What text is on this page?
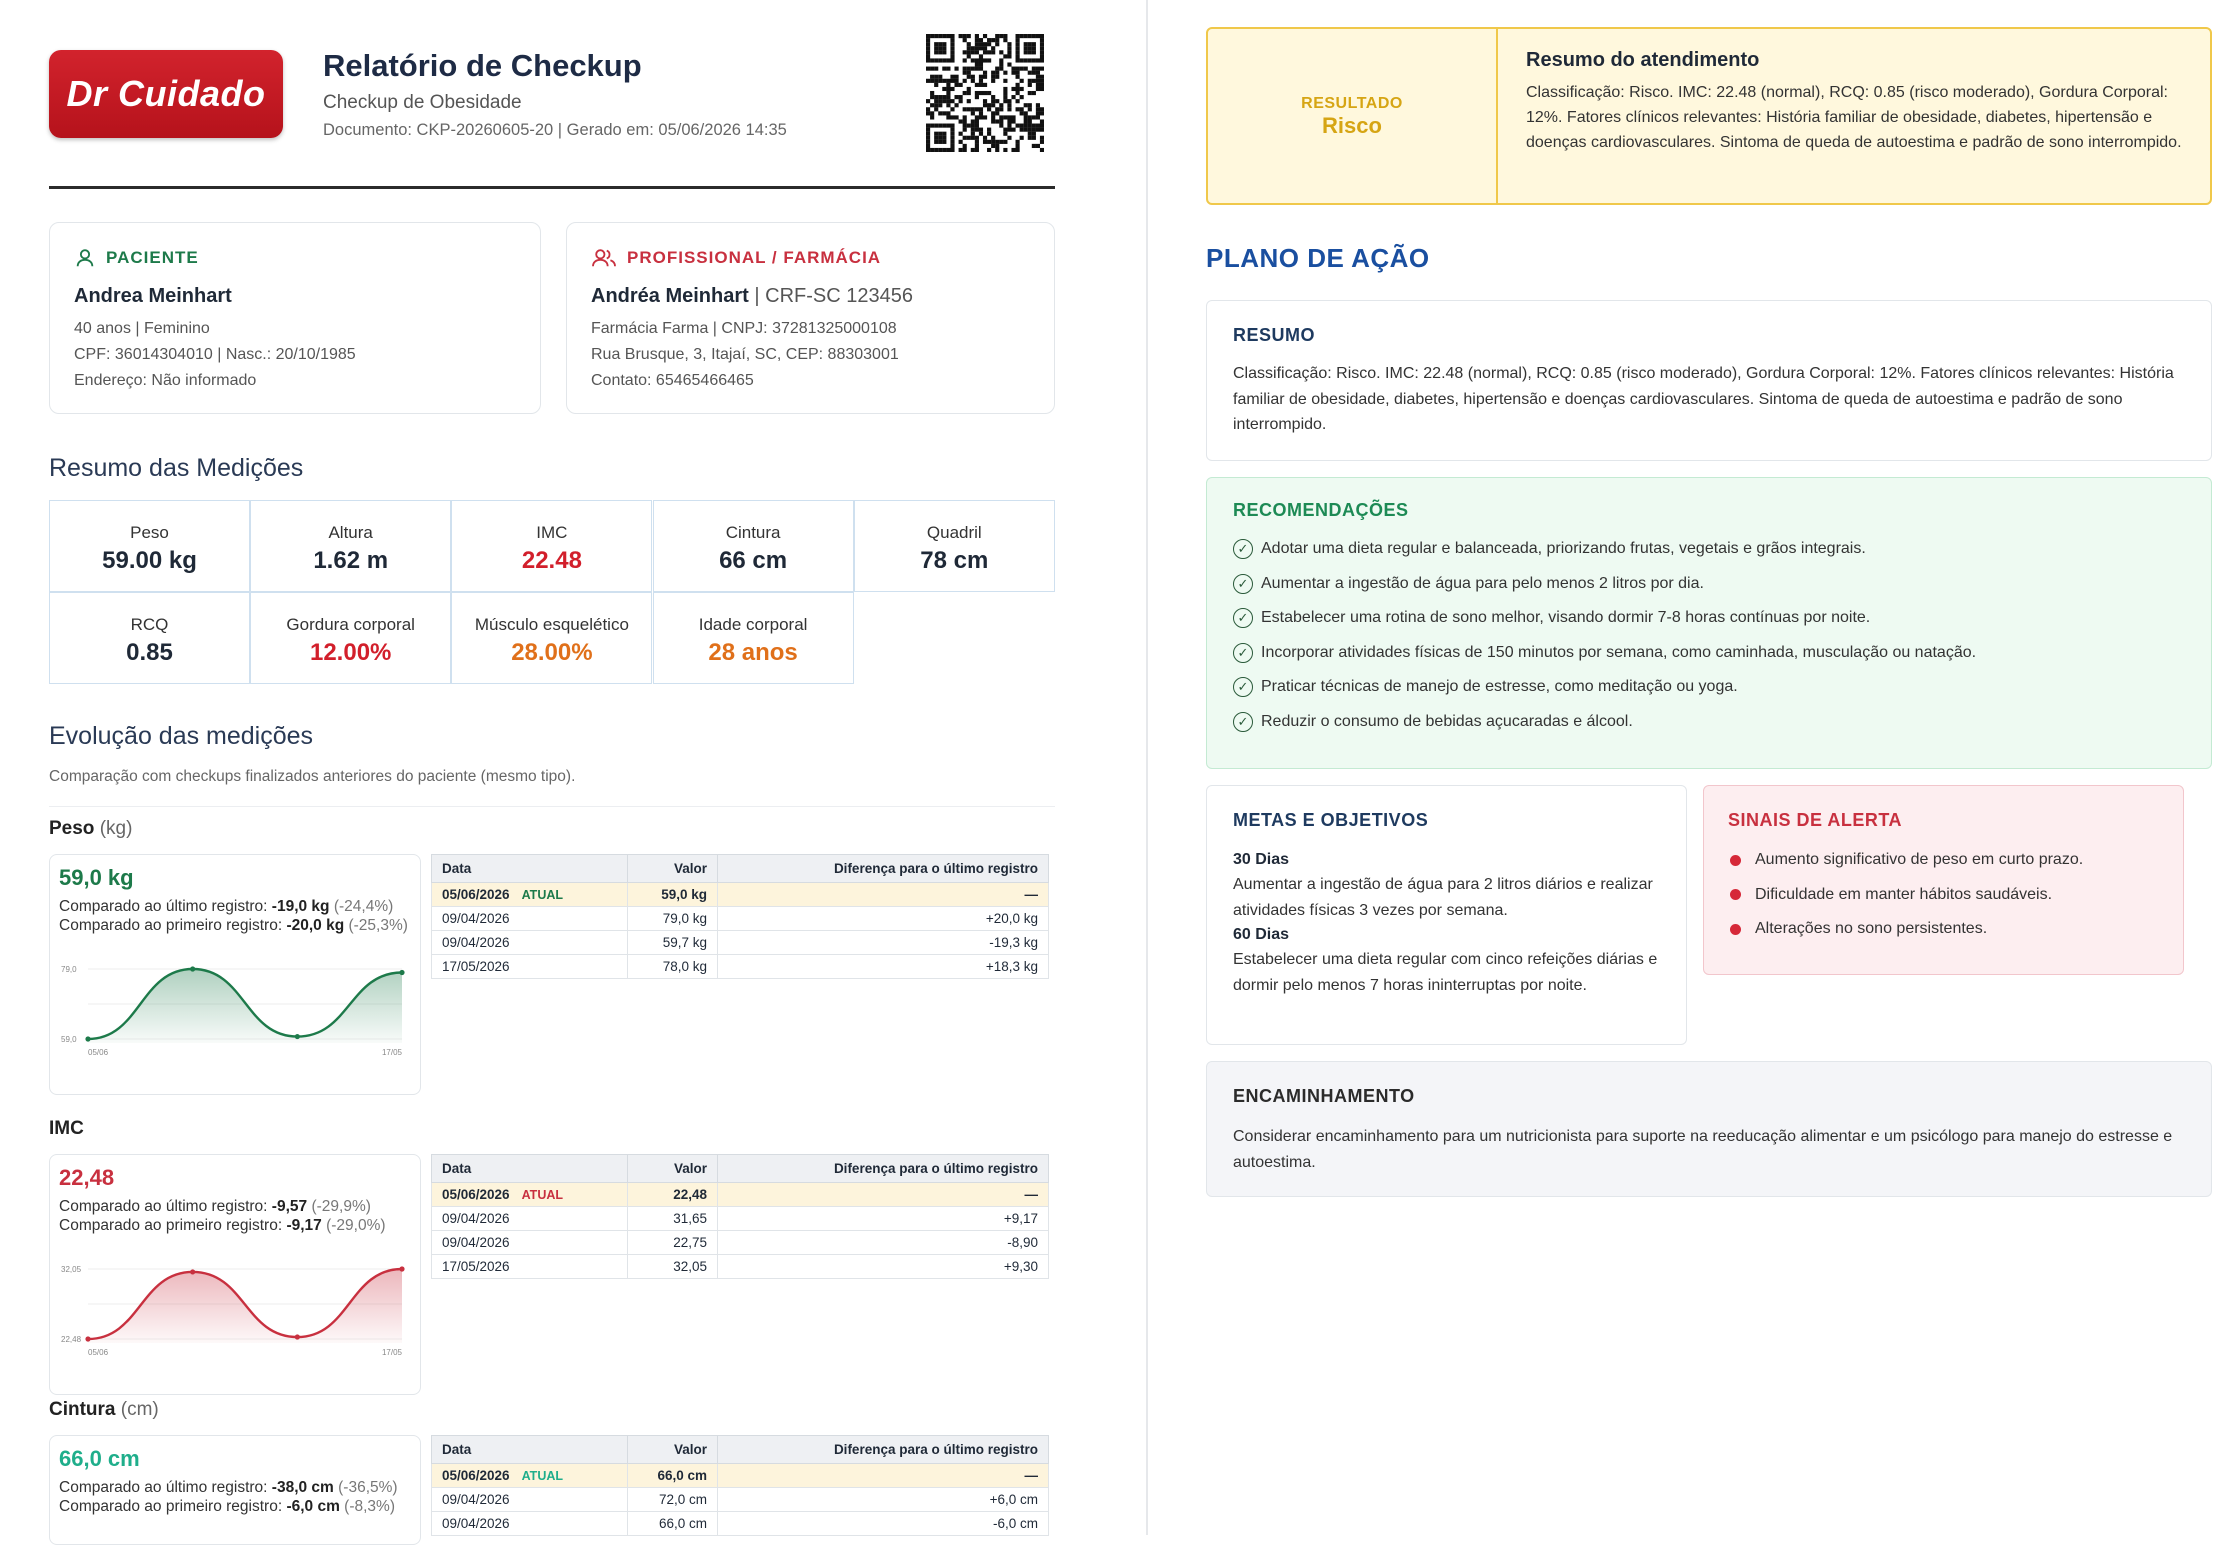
Dr Cuidado
Relatório de Checkup
Checkup de Obesidade
Documento: CKP-20260605-20 | Gerado em: 05/06/2026 14:35
PACIENTE
Andrea Meinhart
40 anos | Feminino
CPF: 36014304010 | Nasc.: 20/10/1985
Endereço: Não informado
PROFISSIONAL / FARMÁCIA
Andréa Meinhart | CRF-SC 123456
Farmácia Farma | CNPJ: 37281325000108
Rua Brusque, 3, Itajaí, SC, CEP: 88303001
Contato: 65465466465
Resumo das Medições
Peso
59.00 kg
Altura
1.62 m
IMC
22.48
Cintura
66 cm
Quadril
78 cm
RCQ
0.85
Gordura corporal
12.00%
Músculo esquelético
28.00%
Idade corporal
28 anos
Evolução das medições
Comparação com checkups finalizados anteriores do paciente (mesmo tipo).
Peso (kg)
59,0 kg
Comparado ao último registro: -19,0 kg (-24,4%)
Comparado ao primeiro registro: -20,0 kg (-25,3%)
79,0
59,0
05/06	17/05
Data	Valor	Diferença para o último registro
05/06/2026 ATUAL	59,0 kg	—
09/04/2026	79,0 kg	+20,0 kg
09/04/2026	59,7 kg	-19,3 kg
17/05/2026	78,0 kg	+18,3 kg
IMC
22,48
Comparado ao último registro: -9,57 (-29,9%)
Comparado ao primeiro registro: -9,17 (-29,0%)
32,05
22,48
05/06	17/05
Data	Valor	Diferença para o último registro
05/06/2026 ATUAL	22,48	—
09/04/2026	31,65	+9,17
09/04/2026	22,75	-8,90
17/05/2026	32,05	+9,30
Cintura (cm)
66,0 cm
Comparado ao último registro: -38,0 cm (-36,5%)
Comparado ao primeiro registro: -6,0 cm (-8,3%)
Data	Valor	Diferença para o último registro
05/06/2026 ATUAL	66,0 cm	—
09/04/2026	72,0 cm	+6,0 cm
09/04/2026	66,0 cm	-6,0 cm
RESULTADO
Risco
Resumo do atendimento
Classificação: Risco. IMC: 22.48 (normal), RCQ: 0.85 (risco moderado), Gordura Corporal: 12%. Fatores clínicos relevantes: História familiar de obesidade, diabetes, hipertensão e doenças cardiovasculares. Sintoma de queda de autoestima e padrão de sono interrompido.
PLANO DE AÇÃO
RESUMO
Classificação: Risco. IMC: 22.48 (normal), RCQ: 0.85 (risco moderado), Gordura Corporal: 12%. Fatores clínicos relevantes: História familiar de obesidade, diabetes, hipertensão e doenças cardiovasculares. Sintoma de queda de autoestima e padrão de sono interrompido.
RECOMENDAÇÕES
✓ Adotar uma dieta regular e balanceada, priorizando frutas, vegetais e grãos integrais.
✓ Aumentar a ingestão de água para pelo menos 2 litros por dia.
✓ Estabelecer uma rotina de sono melhor, visando dormir 7-8 horas contínuas por noite.
✓ Incorporar atividades físicas de 150 minutos por semana, como caminhada, musculação ou natação.
✓ Praticar técnicas de manejo de estresse, como meditação ou yoga.
✓ Reduzir o consumo de bebidas açucaradas e álcool.
METAS E OBJETIVOS
30 Dias
Aumentar a ingestão de água para 2 litros diários e realizar atividades físicas 3 vezes por semana.
60 Dias
Estabelecer uma dieta regular com cinco refeições diárias e dormir pelo menos 7 horas ininterruptas por noite.
SINAIS DE ALERTA
Aumento significativo de peso em curto prazo.
Dificuldade em manter hábitos saudáveis.
Alterações no sono persistentes.
ENCAMINHAMENTO
Considerar encaminhamento para um nutricionista para suporte na reeducação alimentar e um psicólogo para manejo do estresse e autoestima.
